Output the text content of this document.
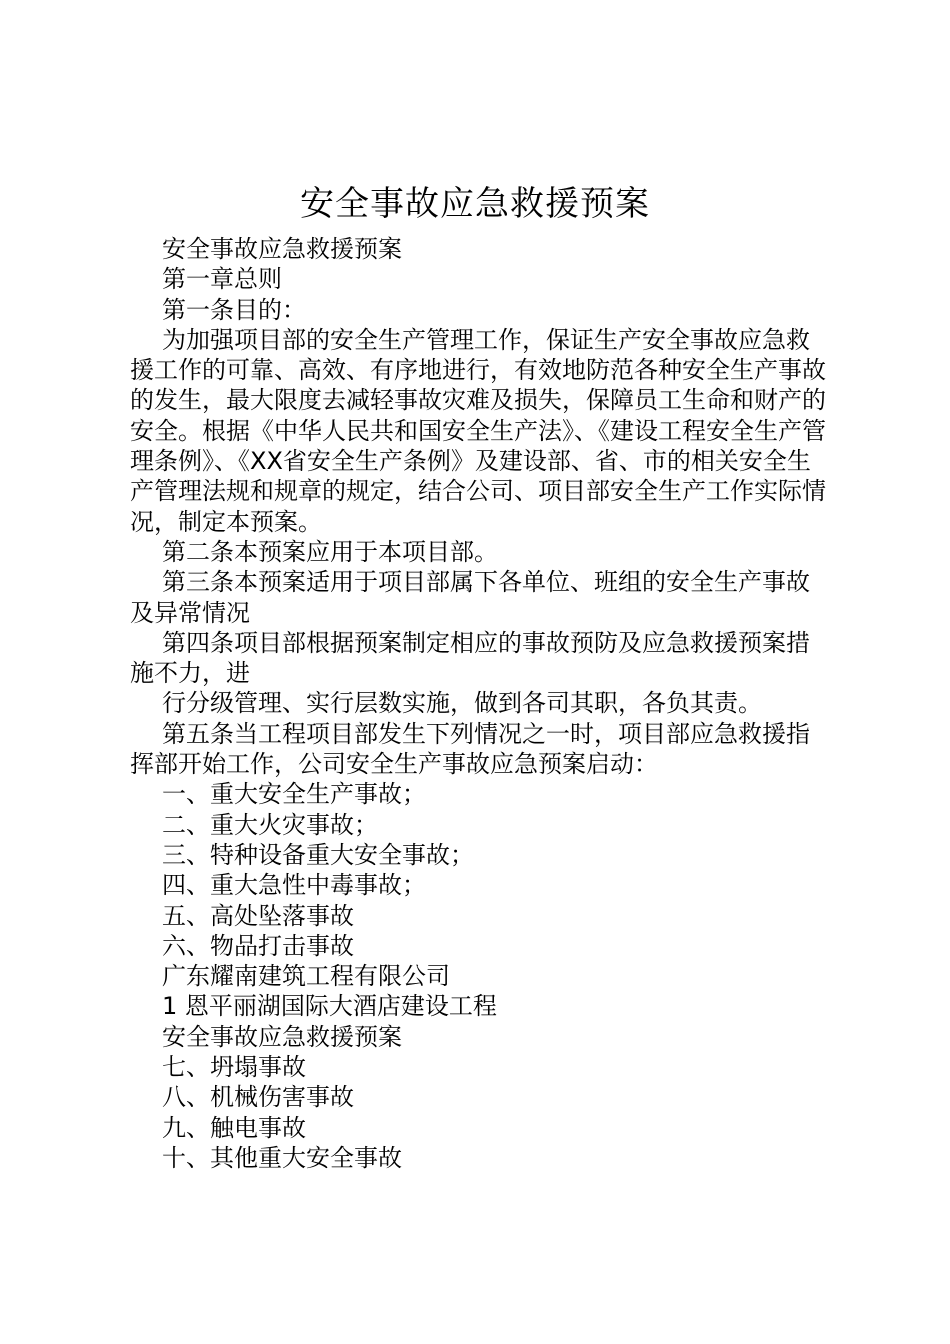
安全事故应急救援预案

安全事故应急救援预案

第一章总则

第一条目的：

为加强项目部的安全生产管理工作，保证生产安全事故应急救援工作的可靠、高效、有序地进行，有效地防范各种安全生产事故的发生，最大限度去减轻事故灾难及损失，保障员工生命和财产的安全。根据《中华人民共和国安全生产法》、《建设工程安全生产管理条例》、《XX省安全生产条例》及建设部、省、市的相关安全生产管理法规和规章的规定，结合公司、项目部安全生产工作实际情况，制定本预案。

第二条本预案应用于本项目部。

第三条本预案适用于项目部属下各单位、班组的安全生产事故及异常情况

第四条项目部根据预案制定相应的事故预防及应急救援预案措施不力，进

行分级管理、实行层数实施，做到各司其职，各负其责。

第五条当工程项目部发生下列情况之一时，项目部应急救援指挥部开始工作，公司安全生产事故应急预案启动：

一、重大安全生产事故；

二、重大火灾事故；

三、特种设备重大安全事故；

四、重大急性中毒事故；

五、高处坠落事故

六、物品打击事故

广东耀南建筑工程有限公司

1 恩平丽湖国际大酒店建设工程

安全事故应急救援预案

七、坍塌事故

八、机械伤害事故

九、触电事故

十、其他重大安全事故
